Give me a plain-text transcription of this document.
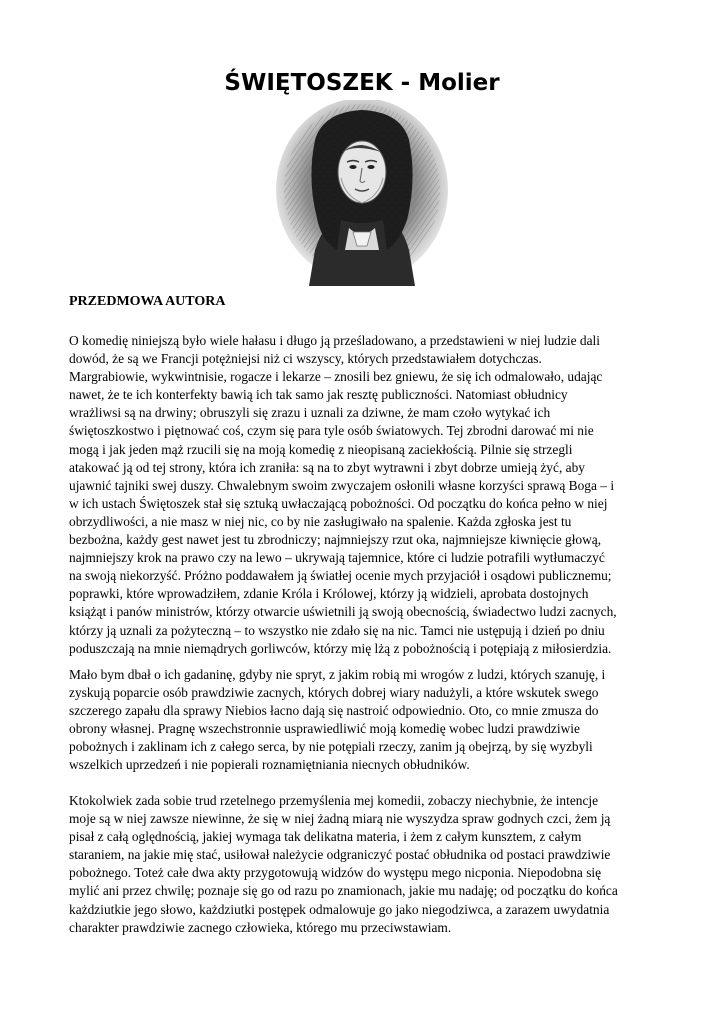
ŚWIĘTOSZEK - Molier
PRZEDMOWA AUTORA

O komedię niniejszą było wiele hałasu i długo ją prześladowano, a przedstawieni w niej ludzie dali
dowód, że są we Francji potężniejsi niż ci wszyscy, których przedstawiałem dotychczas.
Margrabiowie, wykwintnisie, rogacze i lekarze – znosili bez gniewu, że się ich odmalowało, udając
nawet, że te ich konterfekty bawią ich tak samo jak resztę publiczności. Natomiast obłudnicy
wrażliwsi są na drwiny; obruszyli się zrazu i uznali za dziwne, że mam czoło wytykać ich
świętoszkostwo i piętnować coś, czym się para tyle osób światowych. Tej zbrodni darować mi nie
mogą i jak jeden mąż rzucili się na moją komedię z nieopisaną zaciekłością. Pilnie się strzegli
atakować ją od tej strony, która ich zraniła: są na to zbyt wytrawni i zbyt dobrze umieją żyć, aby
ujawnić tajniki swej duszy. Chwalebnym swoim zwyczajem osłonili własne korzyści sprawą Boga – i
w ich ustach Świętoszek stał się sztuką uwłaczającą pobożności. Od początku do końca pełno w niej
obrzydliwości, a nie masz w niej nic, co by nie zasługiwało na spalenie. Każda zgłoska jest tu
bezbożna, każdy gest nawet jest tu zbrodniczy; najmniejszy rzut oka, najmniejsze kiwnięcie głową,
najmniejszy krok na prawo czy na lewo – ukrywają tajemnice, które ci ludzie potrafili wytłumaczyć
na swoją niekorzyść. Próżno poddawałem ją światłej ocenie mych przyjaciół i osądowi publicznemu;
poprawki, które wprowadziłem, zdanie Króla i Królowej, którzy ją widzieli, aprobata dostojnych
książąt i panów ministrów, którzy otwarcie uświetnili ją swoją obecnością, świadectwo ludzi zacnych,
którzy ją uznali za pożyteczną – to wszystko nie zdało się na nic. Tamci nie ustępują i dzień po dniu
poduszczają na mnie niemądrych gorliwców, którzy mię lżą z pobożnością i potępiają z miłosierdzia.

Mało bym dbał o ich gadaninę, gdyby nie spryt, z jakim robią mi wrogów z ludzi, których szanuję, i
zyskują poparcie osób prawdziwie zacnych, których dobrej wiary nadużyli, a które wskutek swego
szczerego zapału dla sprawy Niebios łacno dają się nastroić odpowiednio. Oto, co mnie zmusza do
obrony własnej. Pragnę wszechstronnie usprawiedliwić moją komedię wobec ludzi prawdziwie
pobożnych i zaklinam ich z całego serca, by nie potępiali rzeczy, zanim ją obejrzą, by się wyzbyli
wszelkich uprzedzeń i nie popierali roznamiętniania niecnych obłudników.

Ktokolwiek zada sobie trud rzetelnego przemyślenia mej komedii, zobaczy niechybnie, że intencje
moje są w niej zawsze niewinne, że się w niej żadną miarą nie wyszydza spraw godnych czci, żem ją
pisał z całą oględnością, jakiej wymaga tak delikatna materia, i żem z całym kunsztem, z całym
staraniem, na jakie mię stać, usiłował należycie odgraniczyć postać obłudnika od postaci prawdziwie
pobożnego. Toteż całe dwa akty przygotowują widzów do występu mego nicponia. Niepodobna się
mylić ani przez chwilę; poznaje się go od razu po znamionach, jakie mu nadaję; od początku do końca
każdziutkie jego słowo, każdziutki postępek odmalowuje go jako niegodziwca, a zarazem uwydatnia
charakter prawdziwie zacnego człowieka, którego mu przeciwstawiam.
